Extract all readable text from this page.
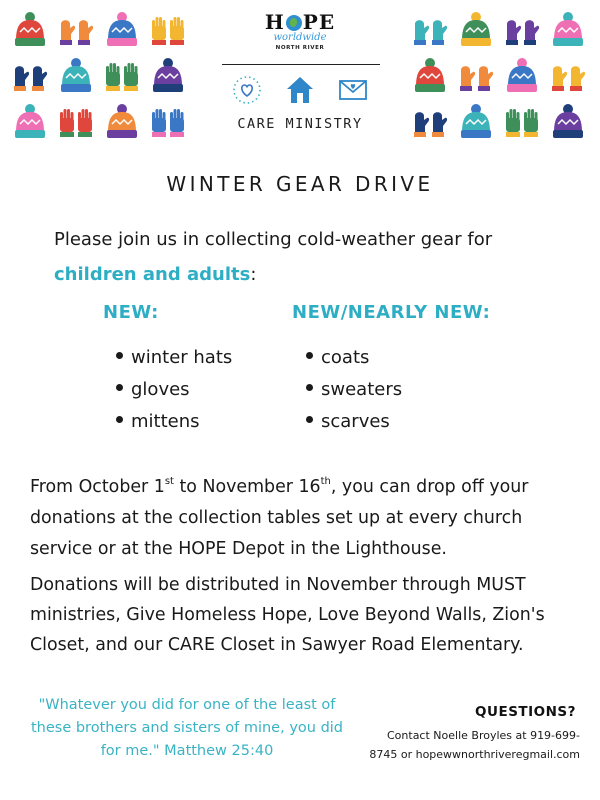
H PE
worldwide
NORTH RIVER
CARE MINISTRY
WINTER GEAR DRIVE
Please join us in collecting cold-weather gear for
children and adults:
NEW:	NEW/NEARLY NEW:
winter hats
gloves
mittens
coats
sweaters
scarves
From October 1st to November 16th, you can drop off your donations at the collection tables set up at every church service or at the HOPE Depot in the Lighthouse.
Donations will be distributed in November through MUST ministries, Give Homeless Hope, Love Beyond Walls, Zion's Closet, and our CARE Closet in Sawyer Road Elementary.
"Whatever you did for one of the least of these brothers and sisters of mine, you did for me." Matthew 25:40
QUESTIONS?
Contact Noelle Broyles at 919-699-8745 or hopewwnorthriveregmail.com
